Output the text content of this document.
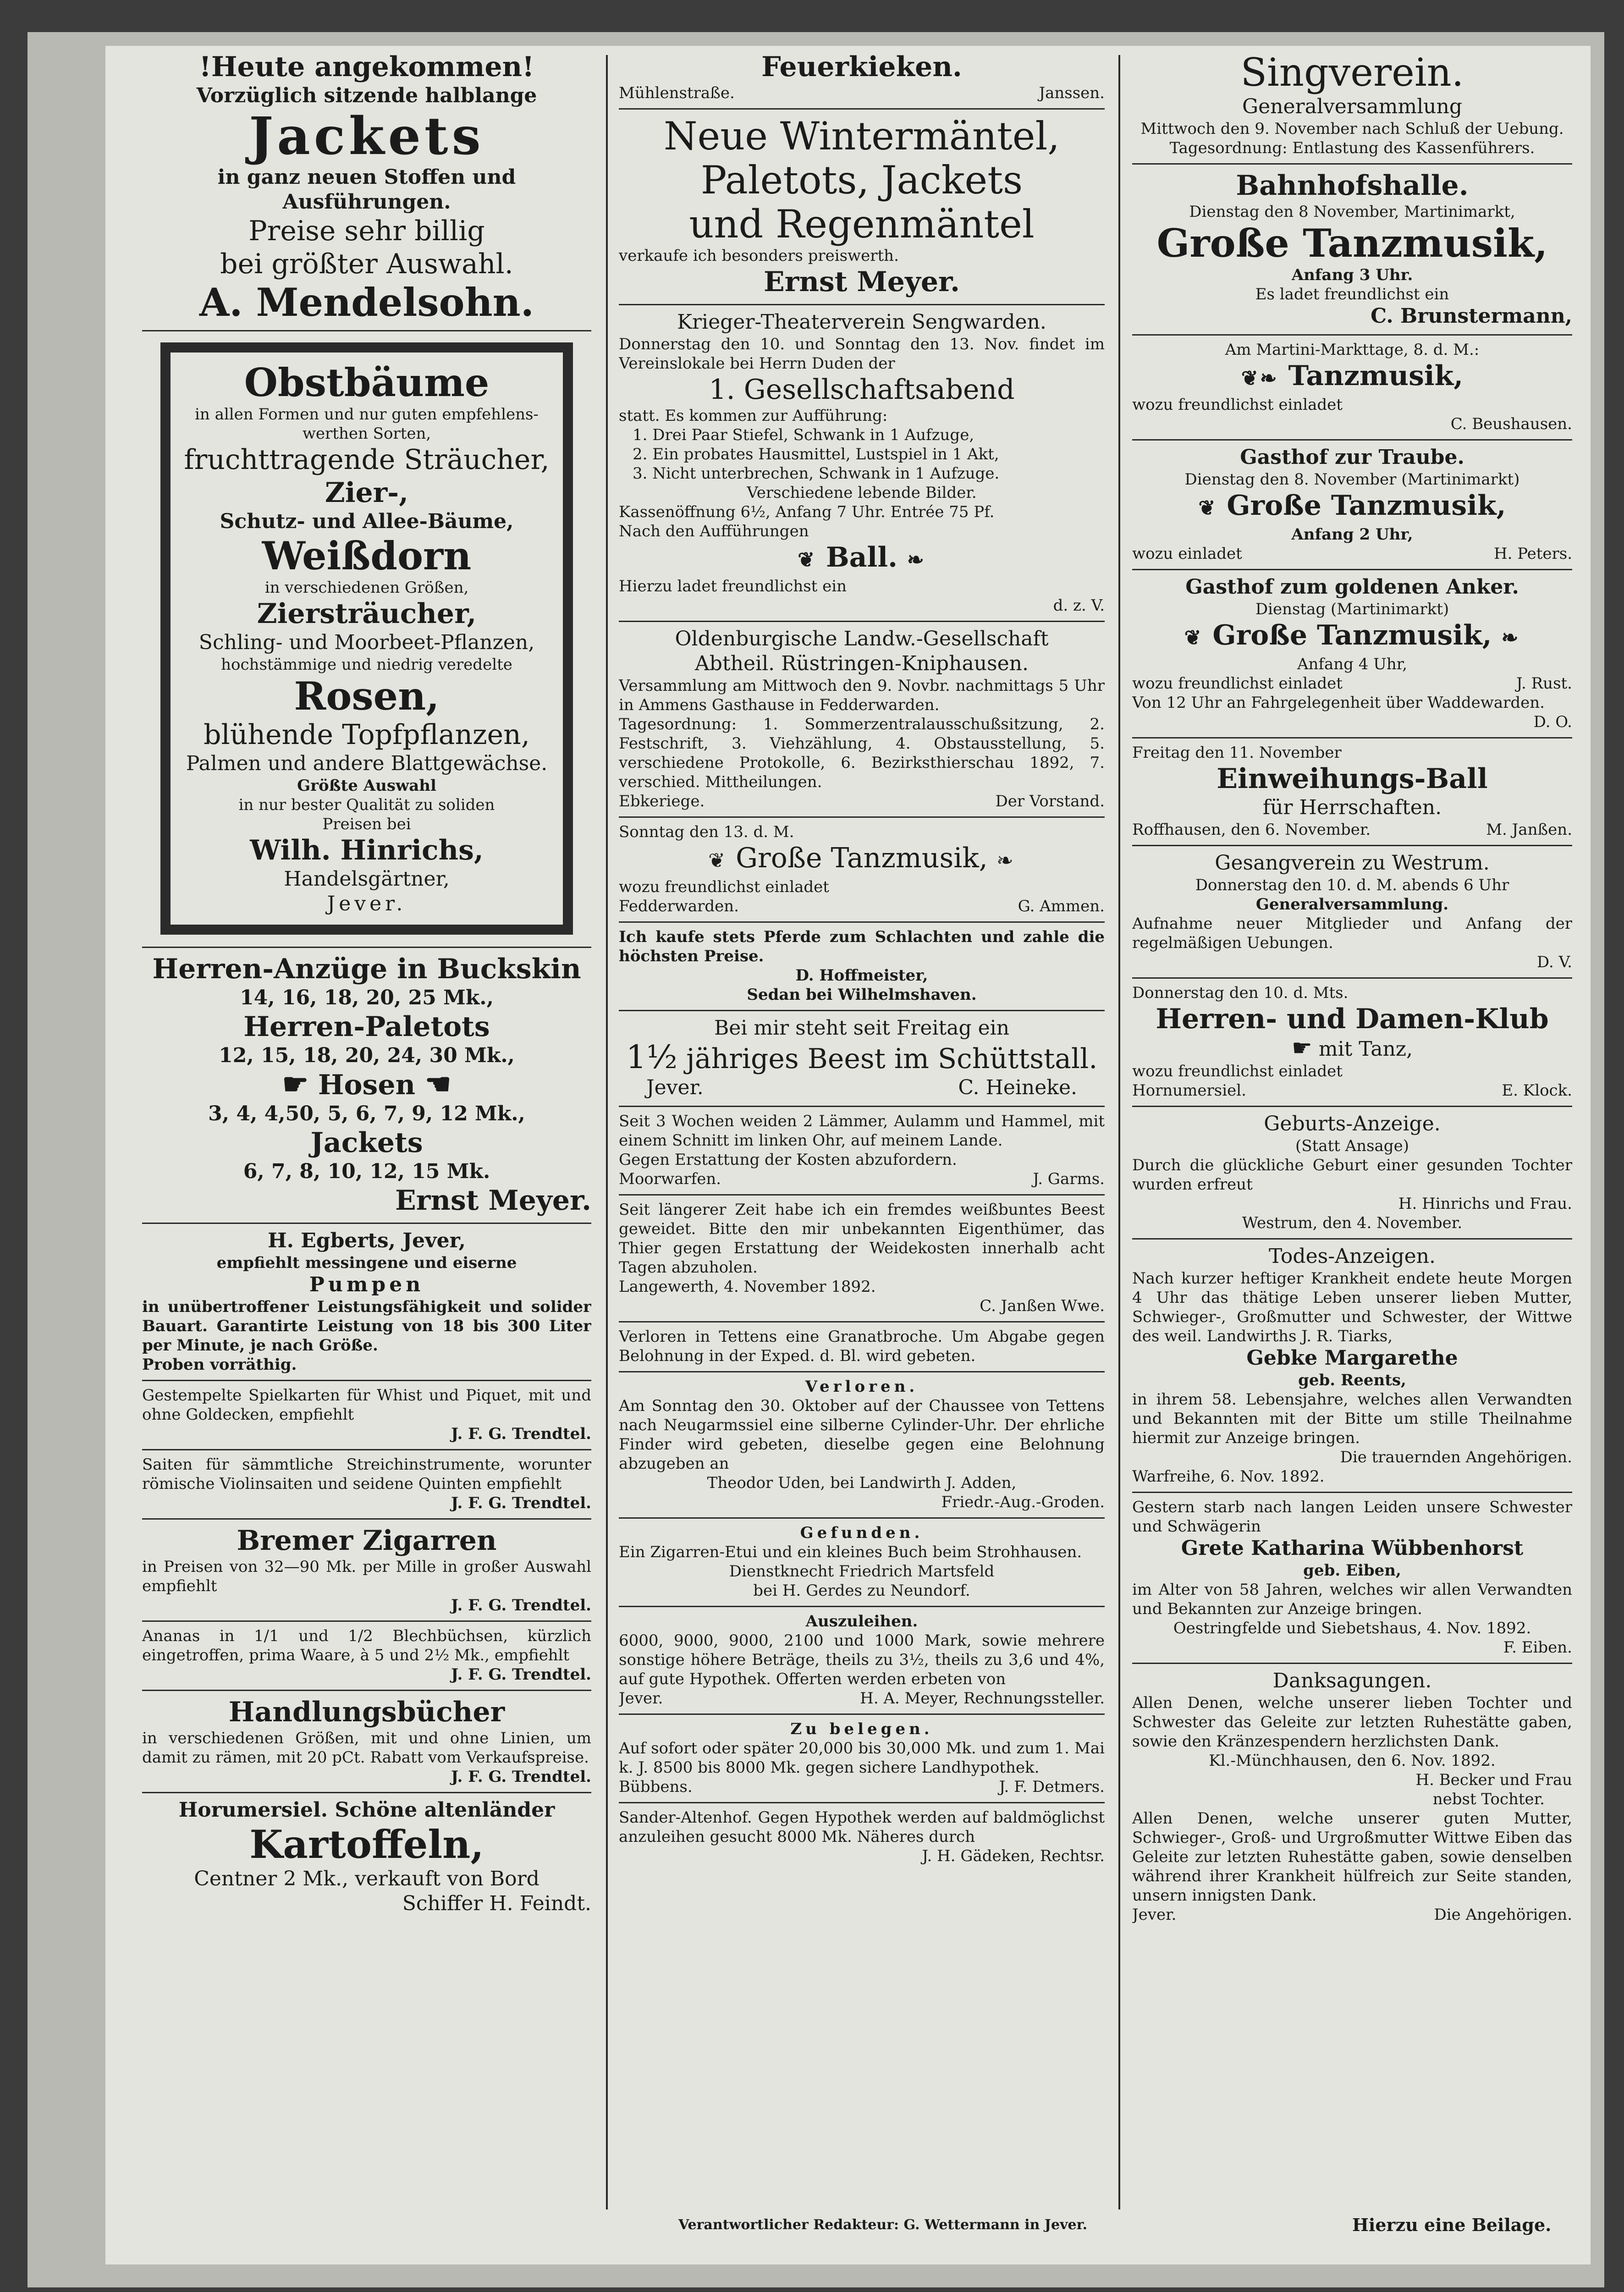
!Heute angekommen!
Vorzüglich sitzende halblange
Jackets
in ganz neuen Stoffen und Ausführungen.
Preise sehr billig
bei größter Auswahl.
A. Mendelsohn.
Obstbäume
in allen Formen und nur guten empfehlens-
werthen Sorten,
fruchttragende Sträucher,
Zier-,
Schutz- und Allee-Bäume,
Weißdorn
in verschiedenen Größen,
Ziersträucher,
Schling- und Moorbeet-Pflanzen,
hochstämmige und niedrig veredelte
Rosen,
blühende Topfpflanzen,
Palmen und andere Blattgewächse.
Größte Auswahl
in nur bester Qualität zu soliden
Preisen bei
Wilh. Hinrichs,
Handelsgärtner,
Jever.
Herren-Anzüge in Buckskin
14, 16, 18, 20, 25 Mk.,
Herren-Paletots
12, 15, 18, 20, 24, 30 Mk.,
☛ Hosen ☚
3, 4, 4,50, 5, 6, 7, 9, 12 Mk.,
Jackets
6, 7, 8, 10, 12, 15 Mk.
Ernst Meyer.
H. Egberts, Jever,
empfiehlt messingene und eiserne
Pumpen
in unübertroffener Leistungsfähigkeit und solider Bauart. Garantirte Leistung von 18 bis 300 Liter per Minute, je nach Größe.
Proben vorräthig.
Gestempelte Spielkarten für Whist und Piquet, mit und ohne Goldecken, empfiehlt
J. F. G. Trendtel.
Saiten für sämmtliche Streichinstrumente, worunter römische Violinsaiten und seidene Quinten empfiehlt
J. F. G. Trendtel.
Bremer Zigarren
in Preisen von 32—90 Mk. per Mille in großer Auswahl empfiehlt
J. F. G. Trendtel.
Ananas in 1/1 und 1/2 Blechbüchsen, kürzlich eingetroffen, prima Waare, à 5 und 2½ Mk., empfiehlt
J. F. G. Trendtel.
Handlungsbücher
in verschiedenen Größen, mit und ohne Linien, um damit zu rämen, mit 20 pCt. Rabatt vom Verkaufspreise.
J. F. G. Trendtel.
Horumersiel. Schöne altenländer
Kartoffeln,
Centner 2 Mk., verkauft von Bord
Schiffer H. Feindt.
Feuerkieken.
Mühlenstraße.	Janssen.
Neue Wintermäntel,
Paletots, Jackets
und Regenmäntel
verkaufe ich besonders preiswerth.
Ernst Meyer.
Krieger-Theaterverein Sengwarden.
Donnerstag den 10. und Sonntag den 13. Nov. findet im Vereinslokale bei Herrn Duden der
1. Gesellschaftsabend
statt. Es kommen zur Aufführung:
1. Drei Paar Stiefel, Schwank in 1 Aufzuge,
2. Ein probates Hausmittel, Lustspiel in 1 Akt,
3. Nicht unterbrechen, Schwank in 1 Aufzuge.
Verschiedene lebende Bilder.
Kassenöffnung 6½, Anfang 7 Uhr. Entrée 75 Pf.
Nach den Aufführungen
❦ Ball. ❧
Hierzu ladet freundlichst ein
d. z. V.
Oldenburgische Landw.-Gesellschaft
Abtheil. Rüstringen-Kniphausen.
Versammlung am Mittwoch den 9. Novbr. nachmittags 5 Uhr in Ammens Gasthause in Fedderwarden.
Tagesordnung: 1. Sommerzentralausschußsitzung, 2. Festschrift, 3. Viehzählung, 4. Obstausstellung, 5. verschiedene Protokolle, 6. Bezirksthierschau 1892, 7. verschied. Mittheilungen.
Ebkeriege.	Der Vorstand.
Sonntag den 13. d. M.
❦ Große Tanzmusik, ❧
wozu freundlichst einladet
Fedderwarden.	G. Ammen.
Ich kaufe stets Pferde zum Schlachten und zahle die höchsten Preise.
D. Hoffmeister,
Sedan bei Wilhelmshaven.
Bei mir steht seit Freitag ein
1½ jähriges Beest im Schüttstall.
Jever.	C. Heineke.
Seit 3 Wochen weiden 2 Lämmer, Aulamm und Hammel, mit einem Schnitt im linken Ohr, auf meinem Lande.
Gegen Erstattung der Kosten abzufordern.
Moorwarfen.	J. Garms.
Seit längerer Zeit habe ich ein fremdes weißbuntes Beest geweidet. Bitte den mir unbekannten Eigenthümer, das Thier gegen Erstattung der Weidekosten innerhalb acht Tagen abzuholen.
Langewerth, 4. November 1892.
C. Janßen Wwe.
Verloren in Tettens eine Granatbroche. Um Abgabe gegen Belohnung in der Exped. d. Bl. wird gebeten.
Verloren.
Am Sonntag den 30. Oktober auf der Chaussee von Tettens nach Neugarmssiel eine silberne Cylinder-Uhr. Der ehrliche Finder wird gebeten, dieselbe gegen eine Belohnung abzugeben an
Theodor Uden, bei Landwirth J. Adden,
Friedr.-Aug.-Groden.
Gefunden.
Ein Zigarren-Etui und ein kleines Buch beim Strohhausen.
Dienstknecht Friedrich Martsfeld
bei H. Gerdes zu Neundorf.
Auszuleihen.
6000, 9000, 9000, 2100 und 1000 Mark, sowie mehrere sonstige höhere Beträge, theils zu 3½, theils zu 3,6 und 4%, auf gute Hypothek. Offerten werden erbeten von
Jever.	H. A. Meyer, Rechnungssteller.
Zu belegen.
Auf sofort oder später 20,000 bis 30,000 Mk. und zum 1. Mai k. J. 8500 bis 8000 Mk. gegen sichere Landhypothek.
Bübbens.	J. F. Detmers.
Sander-Altenhof. Gegen Hypothek werden auf baldmöglichst anzuleihen gesucht 8000 Mk. Näheres durch
J. H. Gädeken, Rechtsr.
Singverein.
Generalversammlung
Mittwoch den 9. November nach Schluß der Uebung.
Tagesordnung: Entlastung des Kassenführers.
Bahnhofshalle.
Dienstag den 8 November, Martinimarkt,
Große Tanzmusik,
Anfang 3 Uhr.
Es ladet freundlichst ein
C. Brunstermann,
Am Martini-Markttage, 8. d. M.:
❦❧ Tanzmusik,
wozu freundlichst einladet
C. Beushausen.
Gasthof zur Traube.
Dienstag den 8. November (Martinimarkt)
❦ Große Tanzmusik,
Anfang 2 Uhr,
wozu einladet	H. Peters.
Gasthof zum goldenen Anker.
Dienstag (Martinimarkt)
❦ Große Tanzmusik, ❧
Anfang 4 Uhr,
wozu freundlichst einladet	J. Rust.
Von 12 Uhr an Fahrgelegenheit über Waddewarden.
D. O.
Freitag den 11. November
Einweihungs-Ball
für Herrschaften.
Roffhausen, den 6. November.	M. Janßen.
Gesangverein zu Westrum.
Donnerstag den 10. d. M. abends 6 Uhr
Generalversammlung.
Aufnahme neuer Mitglieder und Anfang der regelmäßigen Uebungen.
D. V.
Donnerstag den 10. d. Mts.
Herren- und Damen-Klub
☛ mit Tanz,
wozu freundlichst einladet
Hornumersiel.	E. Klock.
Geburts-Anzeige.
(Statt Ansage)
Durch die glückliche Geburt einer gesunden Tochter wurden erfreut
H. Hinrichs und Frau.
Westrum, den 4. November.
Todes-Anzeigen.
Nach kurzer heftiger Krankheit endete heute Morgen 4 Uhr das thätige Leben unserer lieben Mutter, Schwieger-, Großmutter und Schwester, der Wittwe des weil. Landwirths J. R. Tiarks,
Gebke Margarethe
geb. Reents,
in ihrem 58. Lebensjahre, welches allen Verwandten und Bekannten mit der Bitte um stille Theilnahme hiermit zur Anzeige bringen.
Die trauernden Angehörigen.
Warfreihe, 6. Nov. 1892.
Gestern starb nach langen Leiden unsere Schwester und Schwägerin
Grete Katharina Wübbenhorst
geb. Eiben,
im Alter von 58 Jahren, welches wir allen Verwandten und Bekannten zur Anzeige bringen.
Oestringfelde und Siebetshaus, 4. Nov. 1892.
F. Eiben.
Danksagungen.
Allen Denen, welche unserer lieben Tochter und Schwester das Geleite zur letzten Ruhestätte gaben, sowie den Kränzespendern herzlichsten Dank.
Kl.-Münchhausen, den 6. Nov. 1892.
H. Becker und Frau
nebst Tochter.
Allen Denen, welche unserer guten Mutter, Schwieger-, Groß- und Urgroßmutter Wittwe Eiben das Geleite zur letzten Ruhestätte gaben, sowie denselben während ihrer Krankheit hülfreich zur Seite standen, unsern innigsten Dank.
Jever.	Die Angehörigen.
Verantwortlicher Redakteur: G. Wettermann in Jever.	Hierzu eine Beilage.
